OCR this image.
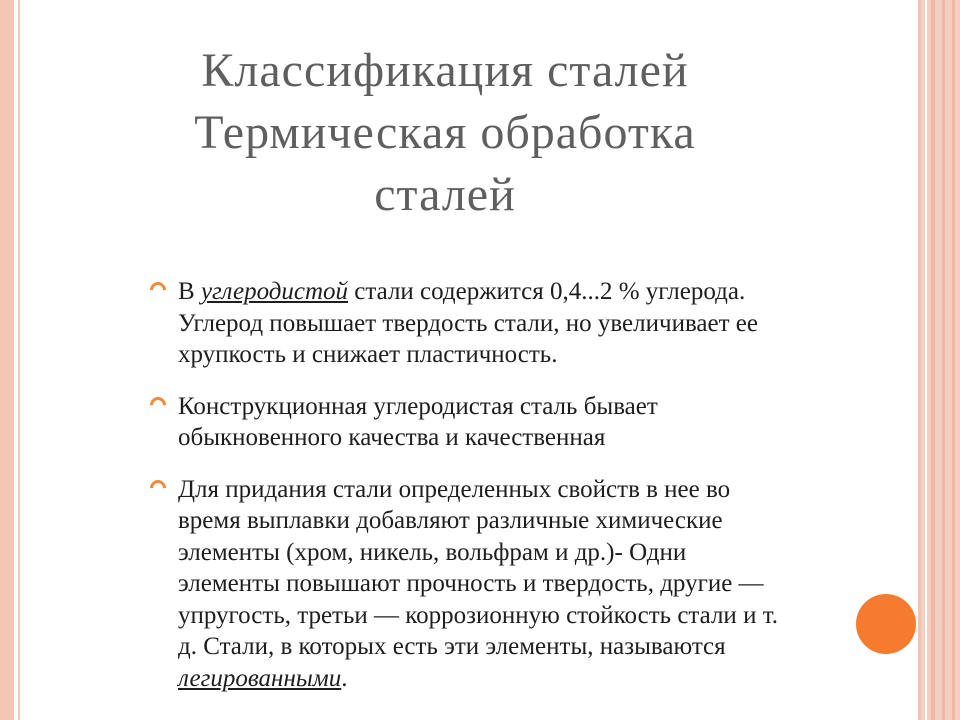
Классификация сталей
Термическая обработка
сталей
В углеродистой стали содержится 0,4...2 % углерода.
Углерод повышает твердость стали, но увеличивает ее
хрупкость и снижает пластичность.
Конструкционная углеродистая сталь бывает
обыкновенного качества и качественная
Для придания стали определенных свойств в нее во
время выплавки добавляют различные химические
элементы (хром, никель, вольфрам и др.)- Одни
элементы повышают прочность и твердость, другие —
упругость, третьи — коррозионную стойкость стали и т.
д. Стали, в которых есть эти элементы, называются
легированными.
